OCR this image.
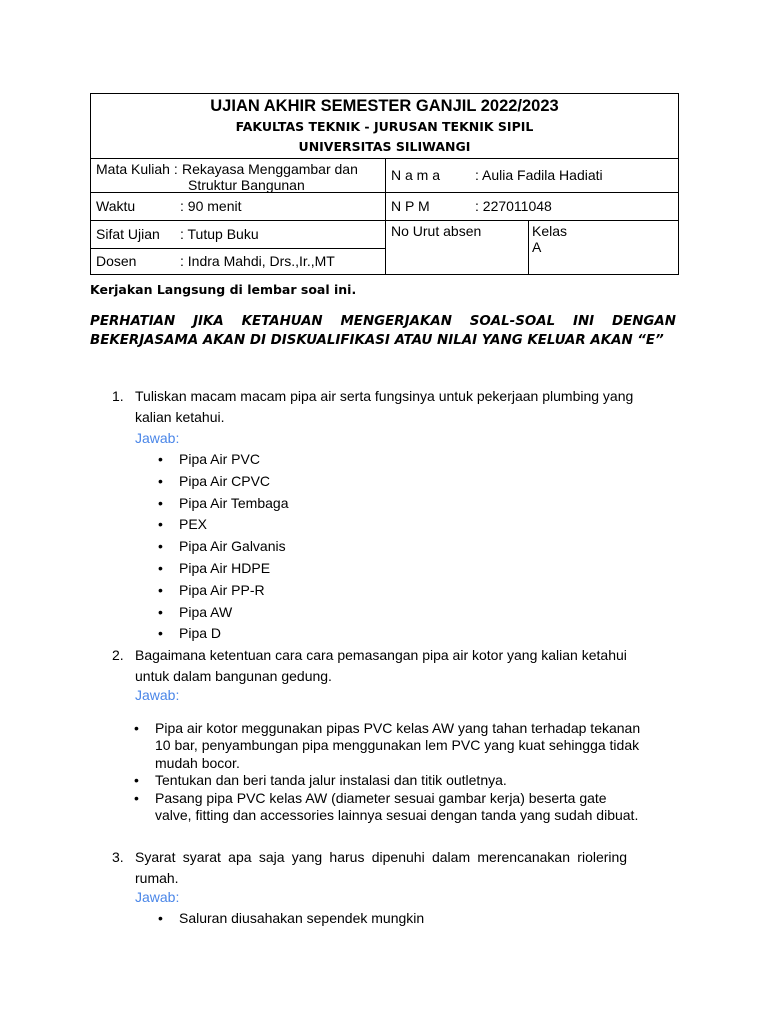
UJIAN AKHIR SEMESTER GANJIL 2022/2023
FAKULTAS TEKNIK - JURUSAN TEKNIK SIPIL
UNIVERSITAS SILIWANGI		

Mata Kuliah : Rekayasa Menggambar dan
Struktur Bangunan	N a m a : Aulia Fadila Hadiati	

Waktu : 90 menit	N P M : 227011048	

Sifat Ujian : Tutup Buku	No Urut absen	Kelas
A

Dosen : Indra Mahdi, Drs.,Ir.,MT		
Kerjakan Langsung di lembar soal ini.
PERHATIAN JIKA KETAHUAN MENGERJAKAN SOAL-SOAL INI DENGAN BEKERJASAMA AKAN DI DISKUALIFIKASI ATAU NILAI YANG KELUAR AKAN “E”
1. Tuliskan macam macam pipa air serta fungsinya untuk pekerjaan plumbing yang
kalian ketahui.
Jawab:
• Pipa Air PVC
• Pipa Air CPVC
• Pipa Air Tembaga
• PEX
• Pipa Air Galvanis
• Pipa Air HDPE
• Pipa Air PP-R
• Pipa AW
• Pipa D
2. Bagaimana ketentuan cara cara pemasangan pipa air kotor yang kalian ketahui
untuk dalam bangunan gedung.
Jawab:
• Pipa air kotor meggunakan pipas PVC kelas AW yang tahan terhadap tekanan
10 bar, penyambungan pipa menggunakan lem PVC yang kuat sehingga tidak
mudah bocor.
• Tentukan dan beri tanda jalur instalasi dan titik outletnya.
• Pasang pipa PVC kelas AW (diameter sesuai gambar kerja) beserta gate
valve, fitting dan accessories lainnya sesuai dengan tanda yang sudah dibuat.
3. Syarat syarat apa saja yang harus dipenuhi dalam merencanakan riolering
rumah.
Jawab:
• Saluran diusahakan sependek mungkin
